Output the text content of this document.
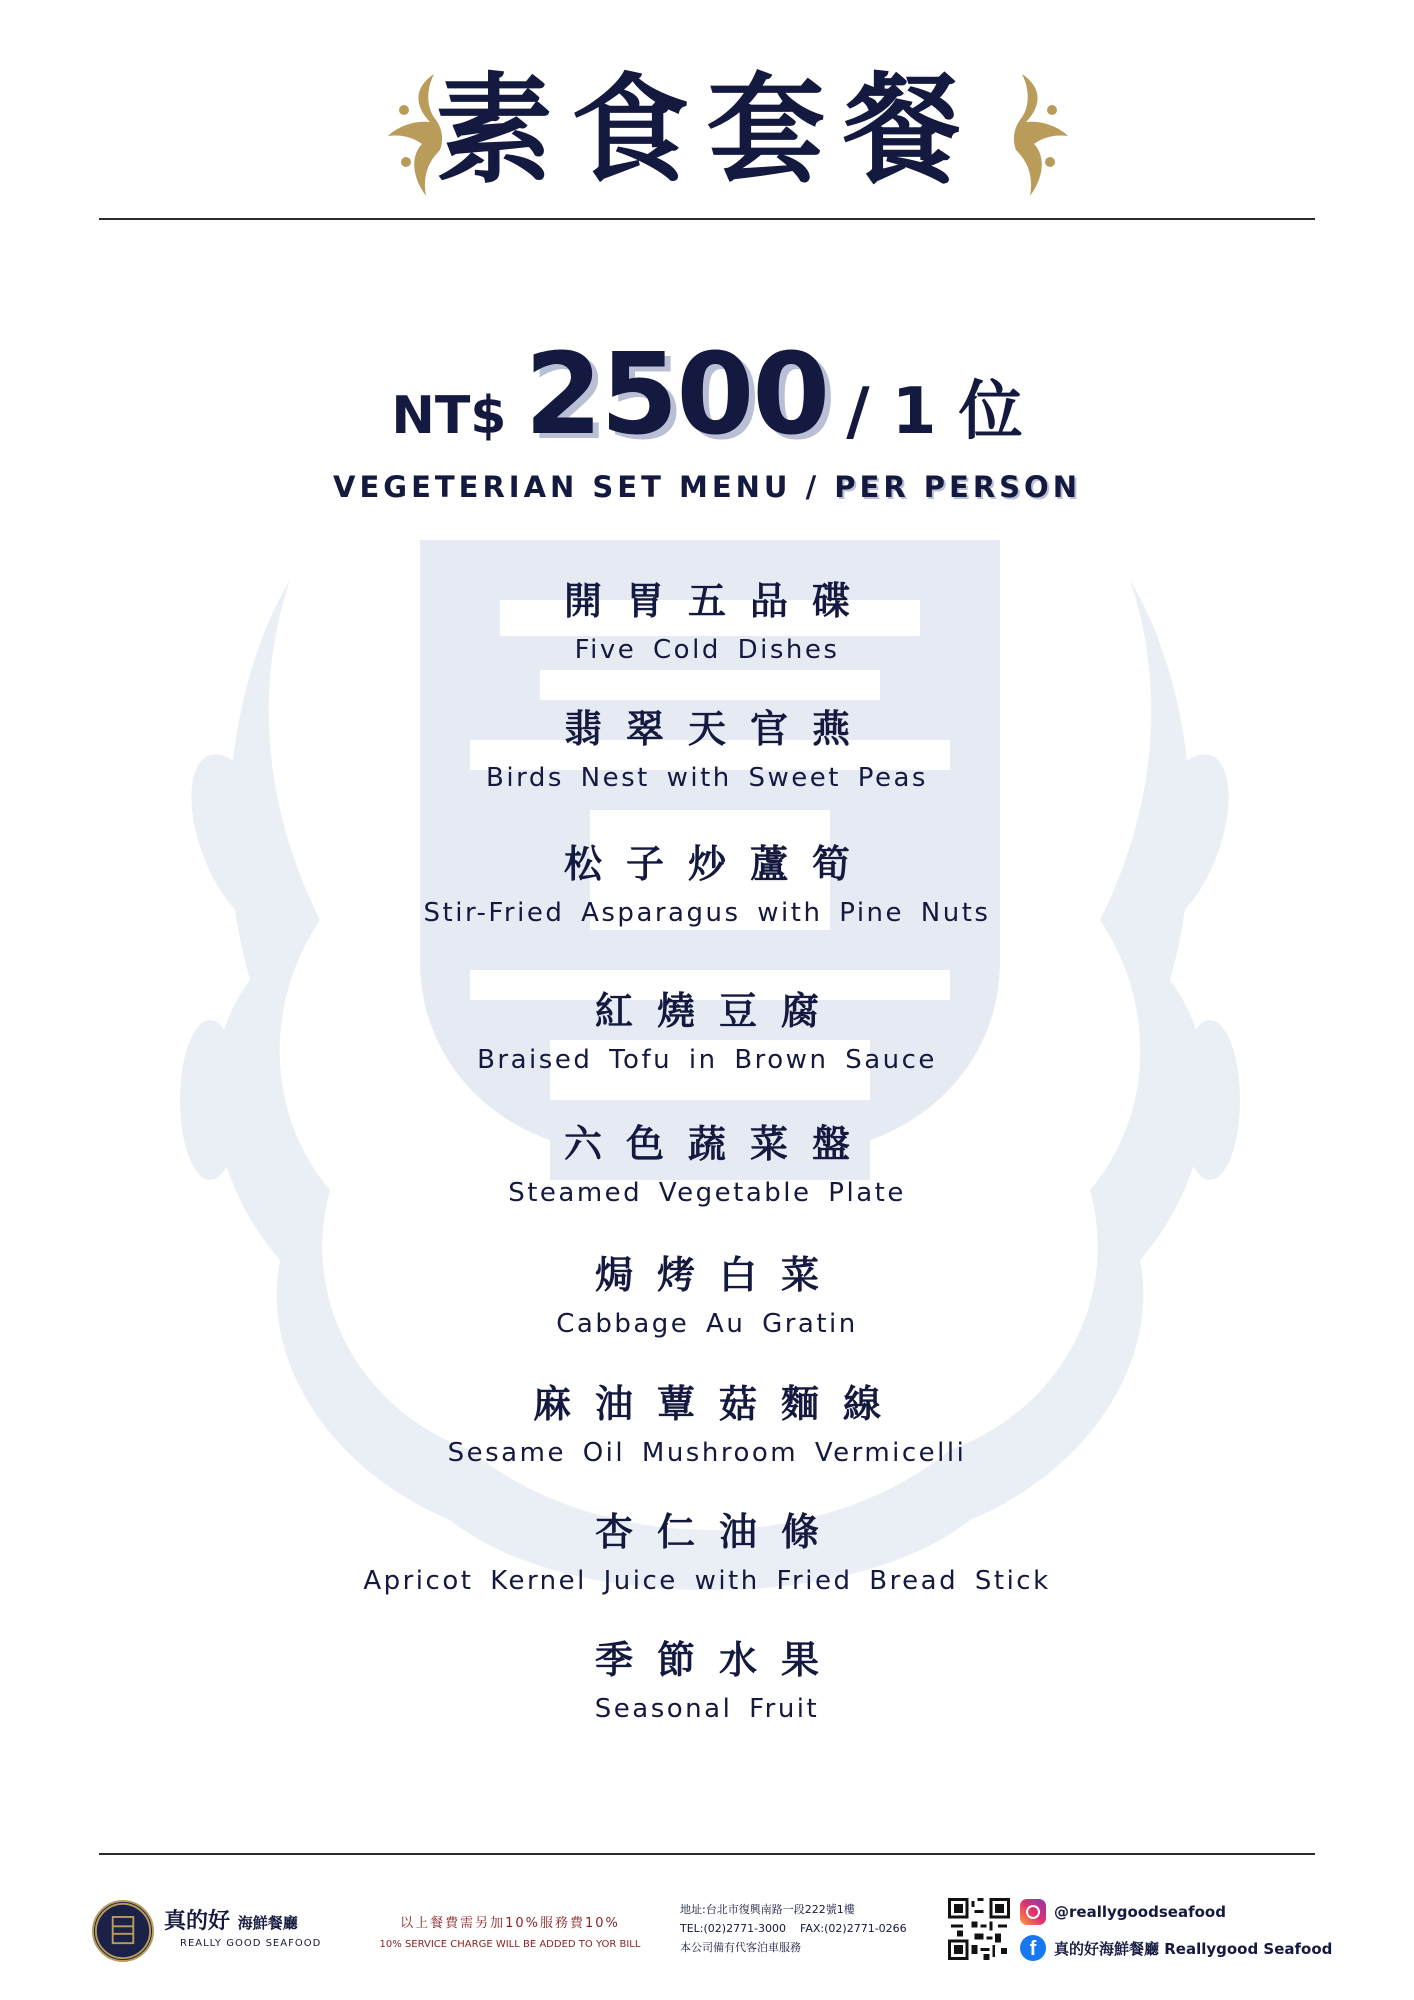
素食套餐
NT$ 2500 / 1 位
VEGETERIAN SET MENU / PER PERSON
開胃五品碟
Five Cold Dishes
翡翠天官燕
Birds Nest with Sweet Peas
松子炒蘆筍
Stir-Fried Asparagus with Pine Nuts
紅燒豆腐
Braised Tofu in Brown Sauce
六色蔬菜盤
Steamed Vegetable Plate
焗烤白菜
Cabbage Au Gratin
麻油蕈菇麵線
Sesame Oil Mushroom Vermicelli
杏仁油條
Apricot Kernel Juice with Fried Bread Stick
季節水果
Seasonal Fruit
真的好 海鮮餐廳
REALLY GOOD SEAFOOD
以上餐費需另加10%服務費10%
10% SERVICE CHARGE WILL BE ADDED TO YOR BILL
地址:台北市復興南路一段222號1樓
TEL:(02)2771-3000 FAX:(02)2771-0266
本公司備有代客泊車服務
@reallygoodseafood
f	真的好海鮮餐廳 Reallygood Seafood
